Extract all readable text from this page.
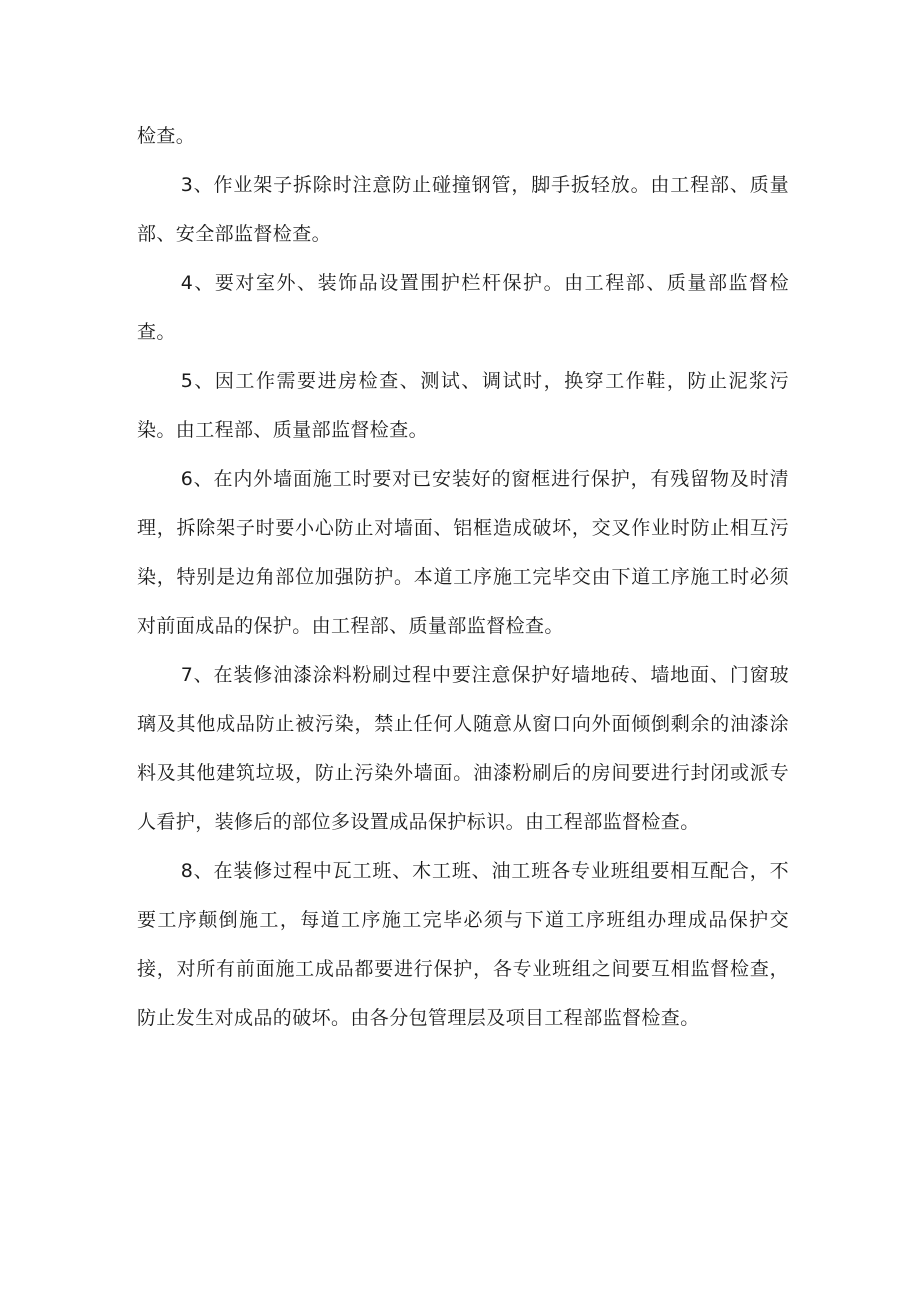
检查。

3、作业架子拆除时注意防止碰撞钢管，脚手扳轻放。由工程部、质量部、安全部监督检查。

4、要对室外、装饰品设置围护栏杆保护。由工程部、质量部监督检查。

5、因工作需要进房检查、测试、调试时，换穿工作鞋，防止泥浆污染。由工程部、质量部监督检查。

6、在内外墙面施工时要对已安装好的窗框进行保护，有残留物及时清理，拆除架子时要小心防止对墙面、铝框造成破坏，交叉作业时防止相互污染，特别是边角部位加强防护。本道工序施工完毕交由下道工序施工时必须对前面成品的保护。由工程部、质量部监督检查。

7、在装修油漆涂料粉刷过程中要注意保护好墙地砖、墙地面、门窗玻璃及其他成品防止被污染，禁止任何人随意从窗口向外面倾倒剩余的油漆涂料及其他建筑垃圾，防止污染外墙面。油漆粉刷后的房间要进行封闭或派专人看护，装修后的部位多设置成品保护标识。由工程部监督检查。

8、在装修过程中瓦工班、木工班、油工班各专业班组要相互配合，不要工序颠倒施工，每道工序施工完毕必须与下道工序班组办理成品保护交接，对所有前面施工成品都要进行保护，各专业班组之间要互相监督检查，防止发生对成品的破坏。由各分包管理层及项目工程部监督检查。
